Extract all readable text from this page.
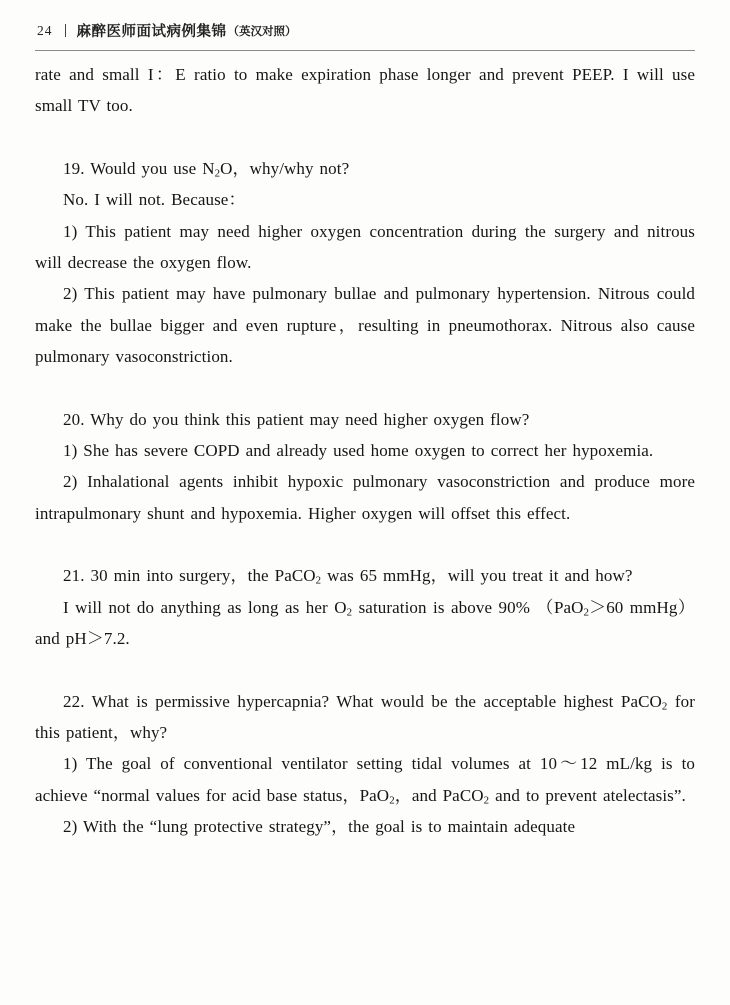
24 麻醉医师面试病例集锦 （英汉对照）

rate and small I：E ratio to make expiration phase longer and prevent PEEP. I will use small TV too.

19. Would you use $N_2O$，why/why not?

No. I will not. Because：

1) This patient may need higher oxygen concentration during the surgery and nitrous will decrease the oxygen flow.

2) This patient may have pulmonary bullae and pulmonary hypertension. Nitrous could make the bullae bigger and even rupture，resulting in pneumothorax. Nitrous also cause pulmonary vasoconstriction.

20. Why do you think this patient may need higher oxygen flow?

1) She has severe COPD and already used home oxygen to correct her hypoxemia.

2) Inhalational agents inhibit hypoxic pulmonary vasoconstriction and produce more intrapulmonary shunt and hypoxemia. Higher oxygen will offset this effect.

21. 30 min into surgery，the PaCO$_2$ was 65 mmHg，will you treat it and how?

I will not do anything as long as her $O_2$ saturation is above 90% （PaO$_2$＞60 mmHg） and pH＞7.2.

22. What is permissive hypercapnia? What would be the acceptable highest PaCO$_2$ for this patient，why?

1) The goal of conventional ventilator setting tidal volumes at 10～12 mL/kg is to achieve “normal values for acid base status，PaO$_2$，and PaCO$_2$ and to prevent atelectasis”.

2) With the “lung protective strategy”，the goal is to maintain adequate
